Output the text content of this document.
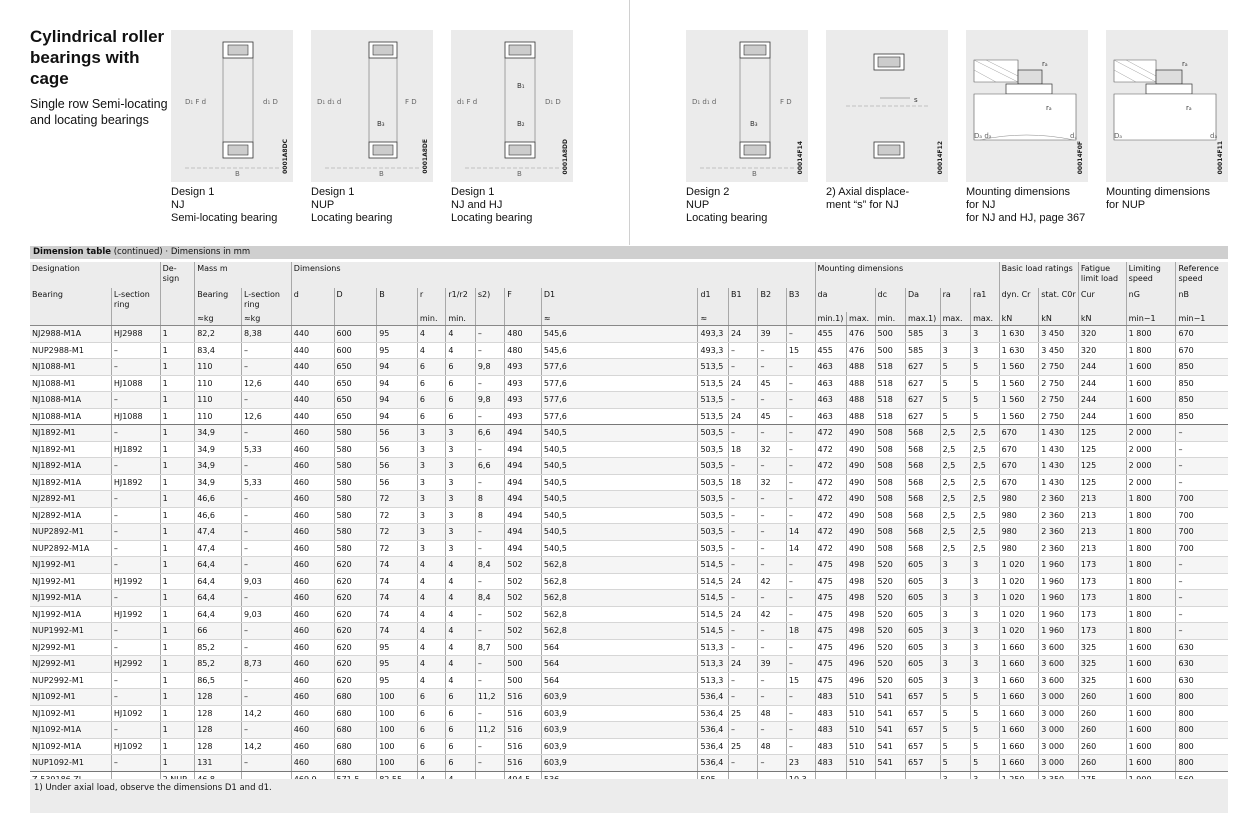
Cylindrical roller bearings with cage
Single row Semi-locating and locating bearings
D₁ F d	d₁ D
B	0001A8DC
Design 1
NJ
Semi-locating bearing
D₁ d₁ d	F D
B₃
B	0001A8DE
Design 1
NUP
Locating bearing
d₁ F d	D₁ D
B₁
B₂
B	0001A8DD
Design 1
NJ and HJ
Locating bearing
D₁ d₁ d	F D
B₃
B	00014F14
Design 2
NUP
Locating bearing
s
00014F12
2) Axial displace-
ment “s” for NJ
rₐ
rₐ
Dₐ dₐ	d꜀
00014F0F
Mounting dimensions
for NJ
for NJ and HJ, page 367
rₐ
rₐ
Dₐ	dₐ
00014F11
Mounting dimensions
for NUP
Dimension table (continued) · Dimensions in mm
Designation		De- sign	Mass m		Dimensions												Mounting dimensions						Basic load ratings		Fatigue limit load	Limiting speed	Reference speed
Bearing	L-section ring		Bearing	L-section ring	d	D	B	r	r1/r2	s2)	F	D1	d1	B1	B2	B3	da		dc	Da	ra	ra1	dyn. Cr	stat. C0r	Cur	nG	nB
			≈kg	≈kg				min.	min.			≈	≈				min.1)	max.	min.	max.1)	max.	max.	kN	kN	kN	min−1	min−1
NJ2988-M1A	HJ2988	1	82,2	8,38	440	600	95	4	4	–	480	545,6	493,3	24	39	–	455	476	500	585	3	3	1 630	3 450	320	1 800	670
NUP2988-M1	–	1	83,4	–	440	600	95	4	4	–	480	545,6	493,3	–	–	15	455	476	500	585	3	3	1 630	3 450	320	1 800	670
NJ1088-M1	–	1	110	–	440	650	94	6	6	9,8	493	577,6	513,5	–	–	–	463	488	518	627	5	5	1 560	2 750	244	1 600	850
NJ1088-M1	HJ1088	1	110	12,6	440	650	94	6	6	–	493	577,6	513,5	24	45	–	463	488	518	627	5	5	1 560	2 750	244	1 600	850
NJ1088-M1A	–	1	110	–	440	650	94	6	6	9,8	493	577,6	513,5	–	–	–	463	488	518	627	5	5	1 560	2 750	244	1 600	850
NJ1088-M1A	HJ1088	1	110	12,6	440	650	94	6	6	–	493	577,6	513,5	24	45	–	463	488	518	627	5	5	1 560	2 750	244	1 600	850
NJ1892-M1	–	1	34,9	–	460	580	56	3	3	6,6	494	540,5	503,5	–	–	–	472	490	508	568	2,5	2,5	670	1 430	125	2 000	–
NJ1892-M1	HJ1892	1	34,9	5,33	460	580	56	3	3	–	494	540,5	503,5	18	32	–	472	490	508	568	2,5	2,5	670	1 430	125	2 000	–
NJ1892-M1A	–	1	34,9	–	460	580	56	3	3	6,6	494	540,5	503,5	–	–	–	472	490	508	568	2,5	2,5	670	1 430	125	2 000	–
NJ1892-M1A	HJ1892	1	34,9	5,33	460	580	56	3	3	–	494	540,5	503,5	18	32	–	472	490	508	568	2,5	2,5	670	1 430	125	2 000	–
NJ2892-M1	–	1	46,6	–	460	580	72	3	3	8	494	540,5	503,5	–	–	–	472	490	508	568	2,5	2,5	980	2 360	213	1 800	700
NJ2892-M1A	–	1	46,6	–	460	580	72	3	3	8	494	540,5	503,5	–	–	–	472	490	508	568	2,5	2,5	980	2 360	213	1 800	700
NUP2892-M1	–	1	47,4	–	460	580	72	3	3	–	494	540,5	503,5	–	–	14	472	490	508	568	2,5	2,5	980	2 360	213	1 800	700
NUP2892-M1A	–	1	47,4	–	460	580	72	3	3	–	494	540,5	503,5	–	–	14	472	490	508	568	2,5	2,5	980	2 360	213	1 800	700
NJ1992-M1	–	1	64,4	–	460	620	74	4	4	8,4	502	562,8	514,5	–	–	–	475	498	520	605	3	3	1 020	1 960	173	1 800	–
NJ1992-M1	HJ1992	1	64,4	9,03	460	620	74	4	4	–	502	562,8	514,5	24	42	–	475	498	520	605	3	3	1 020	1 960	173	1 800	–
NJ1992-M1A	–	1	64,4	–	460	620	74	4	4	8,4	502	562,8	514,5	–	–	–	475	498	520	605	3	3	1 020	1 960	173	1 800	–
NJ1992-M1A	HJ1992	1	64,4	9,03	460	620	74	4	4	–	502	562,8	514,5	24	42	–	475	498	520	605	3	3	1 020	1 960	173	1 800	–
NUP1992-M1	–	1	66	–	460	620	74	4	4	–	502	562,8	514,5	–	–	18	475	498	520	605	3	3	1 020	1 960	173	1 800	–
NJ2992-M1	–	1	85,2	–	460	620	95	4	4	8,7	500	564	513,3	–	–	–	475	496	520	605	3	3	1 660	3 600	325	1 600	630
NJ2992-M1	HJ2992	1	85,2	8,73	460	620	95	4	4	–	500	564	513,3	24	39	–	475	496	520	605	3	3	1 660	3 600	325	1 600	630
NUP2992-M1	–	1	86,5	–	460	620	95	4	4	–	500	564	513,3	–	–	15	475	496	520	605	3	3	1 660	3 600	325	1 600	630
NJ1092-M1	–	1	128	–	460	680	100	6	6	11,2	516	603,9	536,4	–	–	–	483	510	541	657	5	5	1 660	3 000	260	1 600	800
NJ1092-M1	HJ1092	1	128	14,2	460	680	100	6	6	–	516	603,9	536,4	25	48	–	483	510	541	657	5	5	1 660	3 000	260	1 600	800
NJ1092-M1A	–	1	128	–	460	680	100	6	6	11,2	516	603,9	536,4	–	–	–	483	510	541	657	5	5	1 660	3 000	260	1 600	800
NJ1092-M1A	HJ1092	1	128	14,2	460	680	100	6	6	–	516	603,9	536,4	25	48	–	483	510	541	657	5	5	1 660	3 000	260	1 600	800
NUP1092-M1	–	1	131	–	460	680	100	6	6	–	516	603,9	536,4	–	–	23	483	510	541	657	5	5	1 660	3 000	260	1 600	800

1) Under axial load, observe the dimensions D1 and d1.
